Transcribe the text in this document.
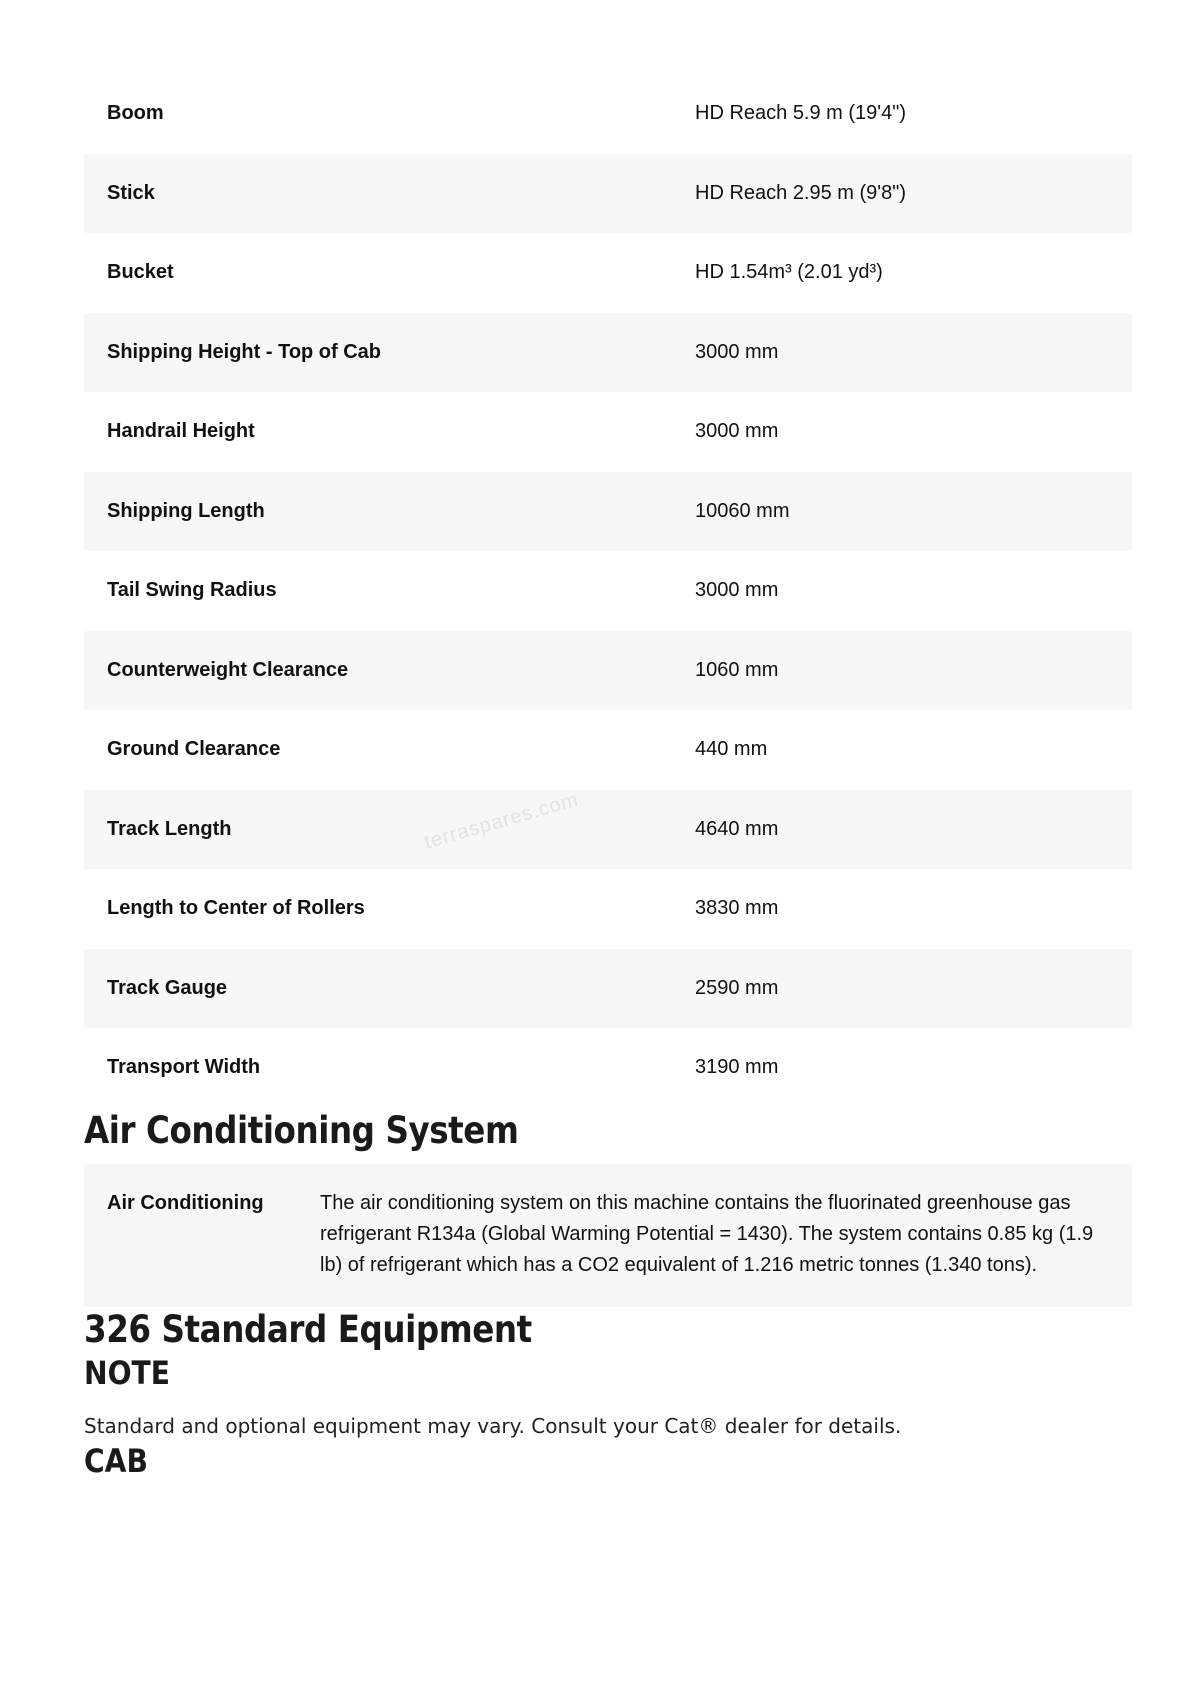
Boom	HD Reach 5.9 m (19'4")
Stick	HD Reach 2.95 m (9'8")
Bucket	HD 1.54m³ (2.01 yd³)
Shipping Height - Top of Cab	3000 mm
Handrail Height	3000 mm
Shipping Length	10060 mm
Tail Swing Radius	3000 mm
Counterweight Clearance	1060 mm
Ground Clearance	440 mm
Track Length	4640 mm
Length to Center of Rollers	3830 mm
Track Gauge	2590 mm
Transport Width	3190 mm
Air Conditioning System
Air Conditioning	The air conditioning system on this machine contains the fluorinated greenhouse gas refrigerant R134a (Global Warming Potential = 1430). The system contains 0.85 kg (1.9 lb) of refrigerant which has a CO2 equivalent of 1.216 metric tonnes (1.340 tons).
326 Standard Equipment
NOTE
Standard and optional equipment may vary. Consult your Cat® dealer for details.
CAB
terraspares.com
